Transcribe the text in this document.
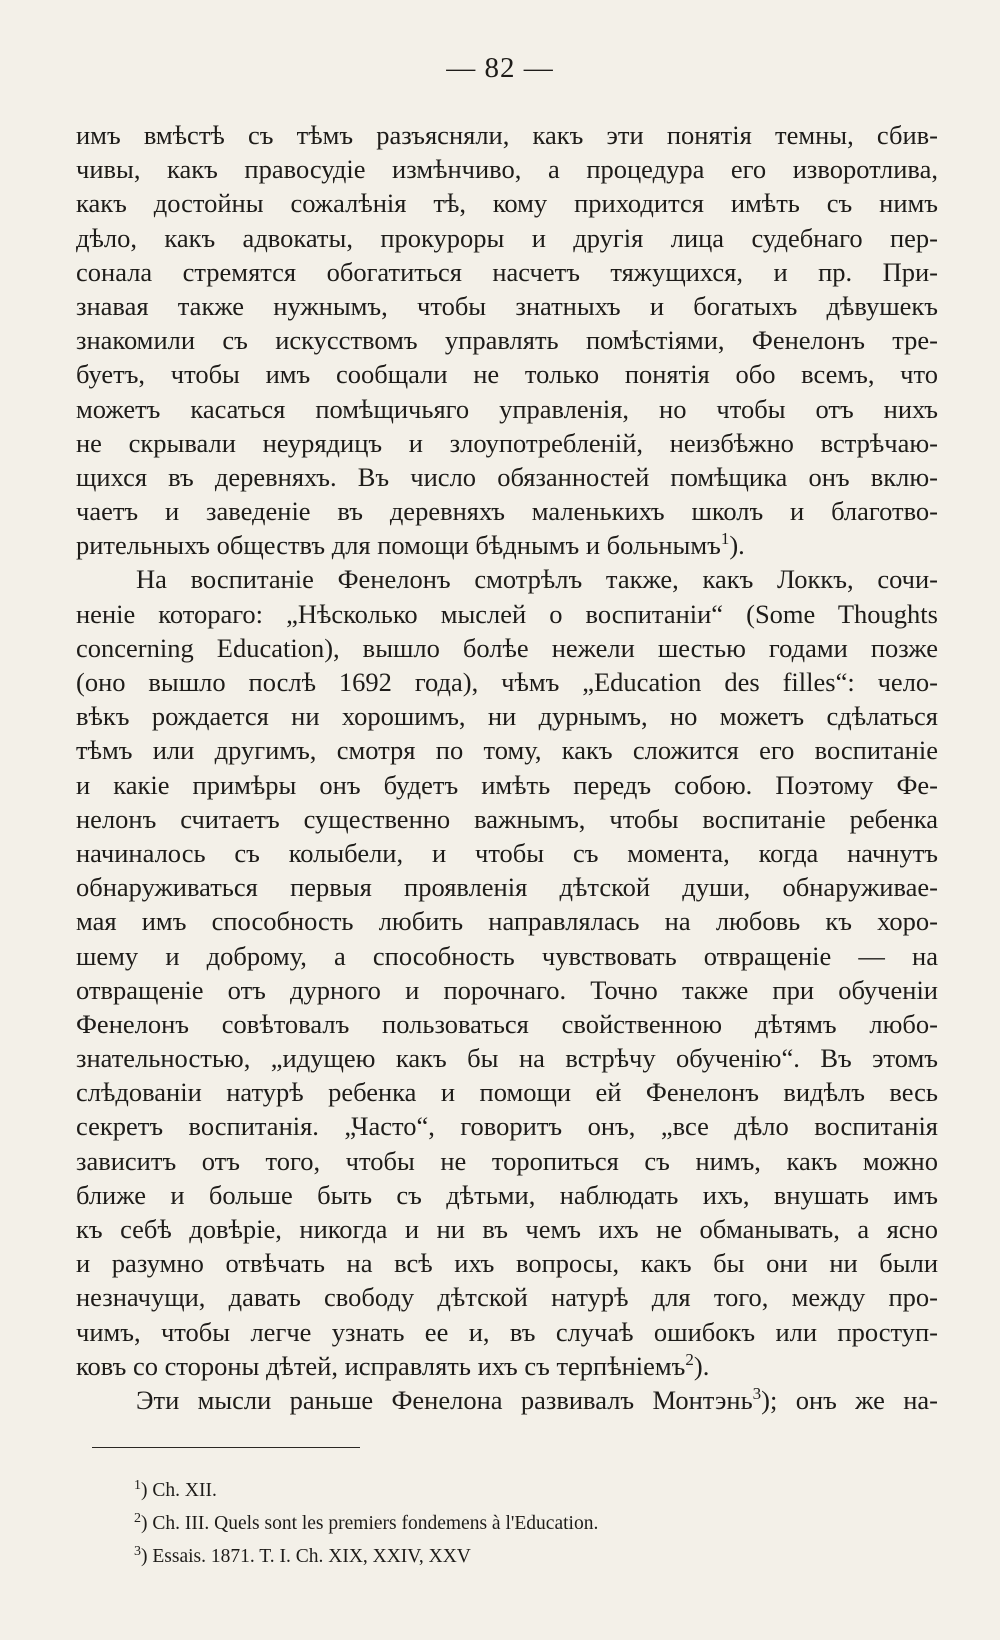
— 82 —
имъ вмѣстѣ съ тѣмъ разъясняли, какъ эти понятія темны, сбив-
чивы, какъ правосудіе измѣнчиво, а процедура его изворотлива,
какъ достойны сожалѣнія тѣ, кому приходится имѣть съ нимъ
дѣло, какъ адвокаты, прокуроры и другія лица судебнаго пер-
сонала стремятся обогатиться насчетъ тяжущихся, и пр. При-
знавая также нужнымъ, чтобы знатныхъ и богатыхъ дѣвушекъ
знакомили съ искусствомъ управлять помѣстіями, Фенелонъ тре-
буетъ, чтобы имъ сообщали не только понятія обо всемъ, что
можетъ касаться помѣщичьяго управленія, но чтобы отъ нихъ
не скрывали неурядицъ и злоупотребленій, неизбѣжно встрѣчаю-
щихся въ деревняхъ. Въ число обязанностей помѣщика онъ вклю-
чаетъ и заведеніе въ деревняхъ маленькихъ школъ и благотво-
рительныхъ обществъ для помощи бѣднымъ и больнымъ$^1$).
На воспитаніе Фенелонъ смотрѣлъ также, какъ Локкъ, сочи-
неніе котораго: „Нѣсколько мыслей о воспитаніи“ (Some Thoughts
concerning Education), вышло болѣе нежели шестью годами позже
(оно вышло послѣ 1692 года), чѣмъ „Education des filles“: чело-
вѣкъ рождается ни хорошимъ, ни дурнымъ, но можетъ сдѣлаться
тѣмъ или другимъ, смотря по тому, какъ сложится его воспитаніе
и какіе примѣры онъ будетъ имѣть передъ собою. Поэтому Фе-
нелонъ считаетъ существенно важнымъ, чтобы воспитаніе ребенка
начиналось съ колыбели, и чтобы съ момента, когда начнутъ
обнаруживаться первыя проявленія дѣтской души, обнаруживае-
мая имъ способность любить направлялась на любовь къ хоро-
шему и доброму, а способность чувствовать отвращеніе — на
отвращеніе отъ дурного и порочнаго. Точно также при обученіи
Фенелонъ совѣтовалъ пользоваться свойственною дѣтямъ любо-
знательностью, „идущею какъ бы на встрѣчу обученію“. Въ этомъ
слѣдованіи натурѣ ребенка и помощи ей Фенелонъ видѣлъ весь
секретъ воспитанія. „Часто“, говоритъ онъ, „все дѣло воспитанія
зависитъ отъ того, чтобы не торопиться съ нимъ, какъ можно
ближе и больше быть съ дѣтьми, наблюдать ихъ, внушать имъ
къ себѣ довѣріе, никогда и ни въ чемъ ихъ не обманывать, а ясно
и разумно отвѣчать на всѣ ихъ вопросы, какъ бы они ни были
незначущи, давать свободу дѣтской натурѣ для того, между про-
чимъ, чтобы легче узнать ее и, въ случаѣ ошибокъ или проступ-
ковъ со стороны дѣтей, исправлять ихъ съ терпѣніемъ$^2$).
Эти мысли раньше Фенелона развивалъ Монтэнь$^3$); онъ же на-
$^1$) Ch. XII.
$^2$) Ch. III. Quels sont les premiers fondemens à l'Education.
$^3$) Essais. 1871. T. I. Ch. XIX, XXIV, XXV
